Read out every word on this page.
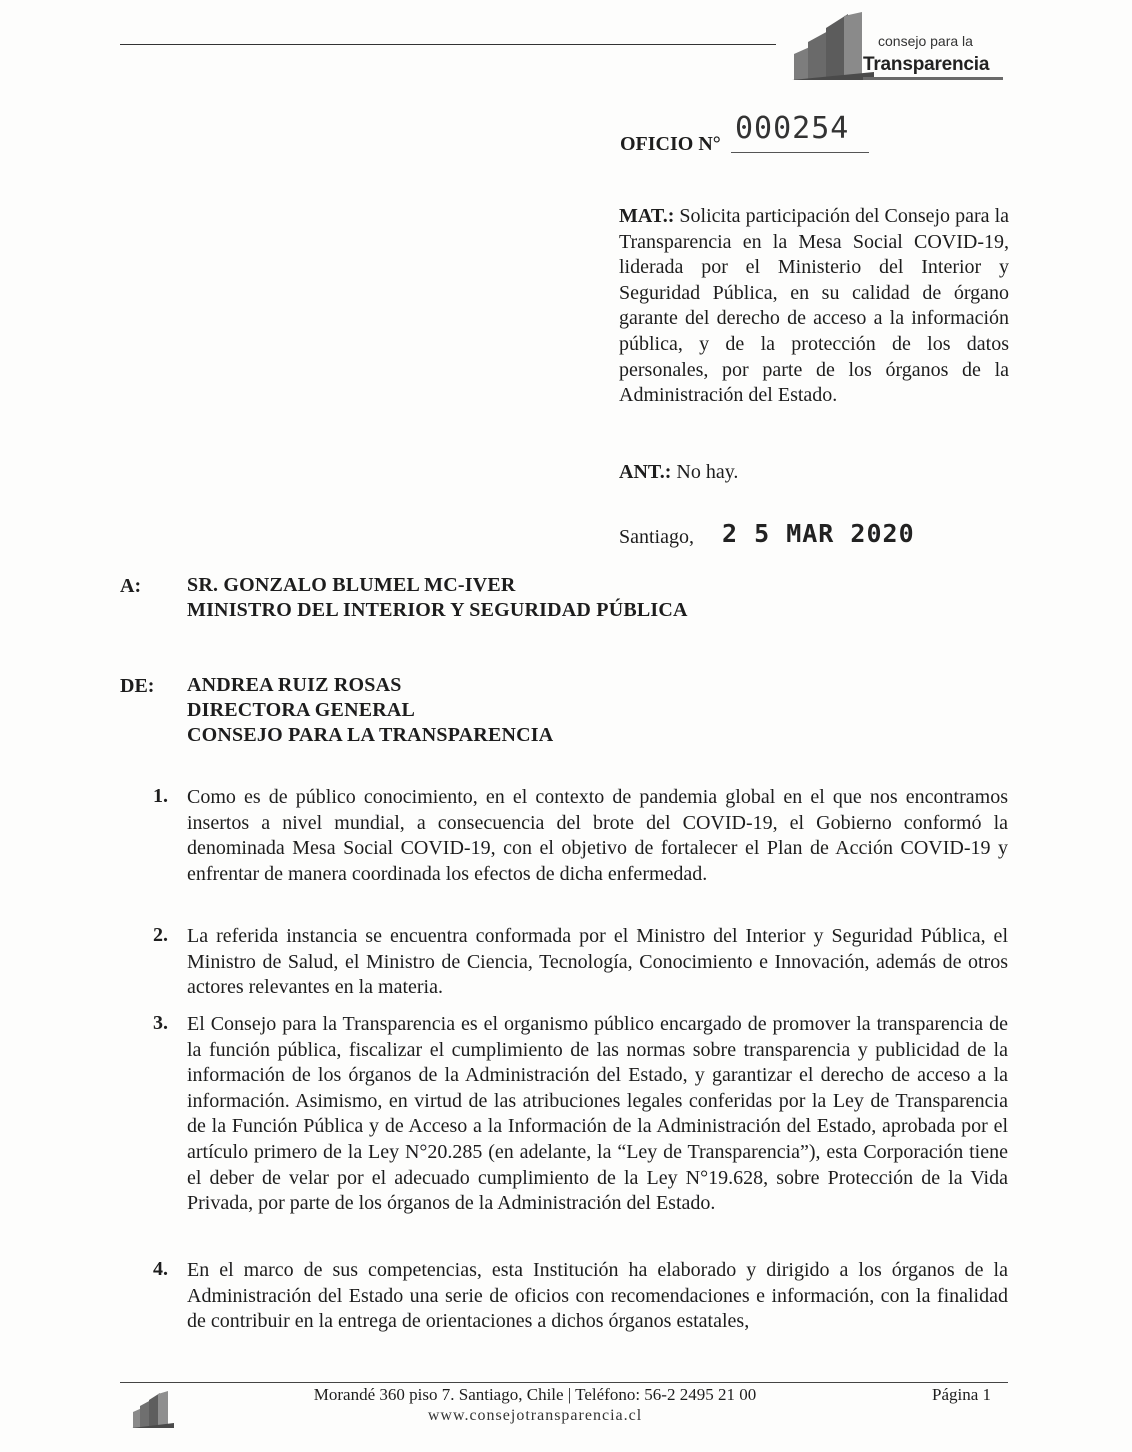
consejo para la
Transparencia
OFICIO N° 000254
MAT.: Solicita participación del Consejo para la Transparencia en la Mesa Social COVID-19, liderada por el Ministerio del Interior y Seguridad Pública, en su calidad de órgano garante del derecho de acceso a la información pública, y de la protección de los datos personales, por parte de los órganos de la Administración del Estado.
ANT.: No hay.
Santiago, 2 5 MAR 2020
A: SR. GONZALO BLUMEL MC-IVER
MINISTRO DEL INTERIOR Y SEGURIDAD PÚBLICA
DE: ANDREA RUIZ ROSAS
DIRECTORA GENERAL
CONSEJO PARA LA TRANSPARENCIA
1. Como es de público conocimiento, en el contexto de pandemia global en el que nos encontramos insertos a nivel mundial, a consecuencia del brote del COVID-19, el Gobierno conformó la denominada Mesa Social COVID-19, con el objetivo de fortalecer el Plan de Acción COVID-19 y enfrentar de manera coordinada los efectos de dicha enfermedad.
2. La referida instancia se encuentra conformada por el Ministro del Interior y Seguridad Pública, el Ministro de Salud, el Ministro de Ciencia, Tecnología, Conocimiento e Innovación, además de otros actores relevantes en la materia.
3. El Consejo para la Transparencia es el organismo público encargado de promover la transparencia de la función pública, fiscalizar el cumplimiento de las normas sobre transparencia y publicidad de la información de los órganos de la Administración del Estado, y garantizar el derecho de acceso a la información. Asimismo, en virtud de las atribuciones legales conferidas por la Ley de Transparencia de la Función Pública y de Acceso a la Información de la Administración del Estado, aprobada por el artículo primero de la Ley N°20.285 (en adelante, la “Ley de Transparencia”), esta Corporación tiene el deber de velar por el adecuado cumplimiento de la Ley N°19.628, sobre Protección de la Vida Privada, por parte de los órganos de la Administración del Estado.
4. En el marco de sus competencias, esta Institución ha elaborado y dirigido a los órganos de la Administración del Estado una serie de oficios con recomendaciones e información, con la finalidad de contribuir en la entrega de orientaciones a dichos órganos estatales,
Morandé 360 piso 7. Santiago, Chile | Teléfono: 56-2 2495 21 00
www.consejotransparencia.cl
Página 1
